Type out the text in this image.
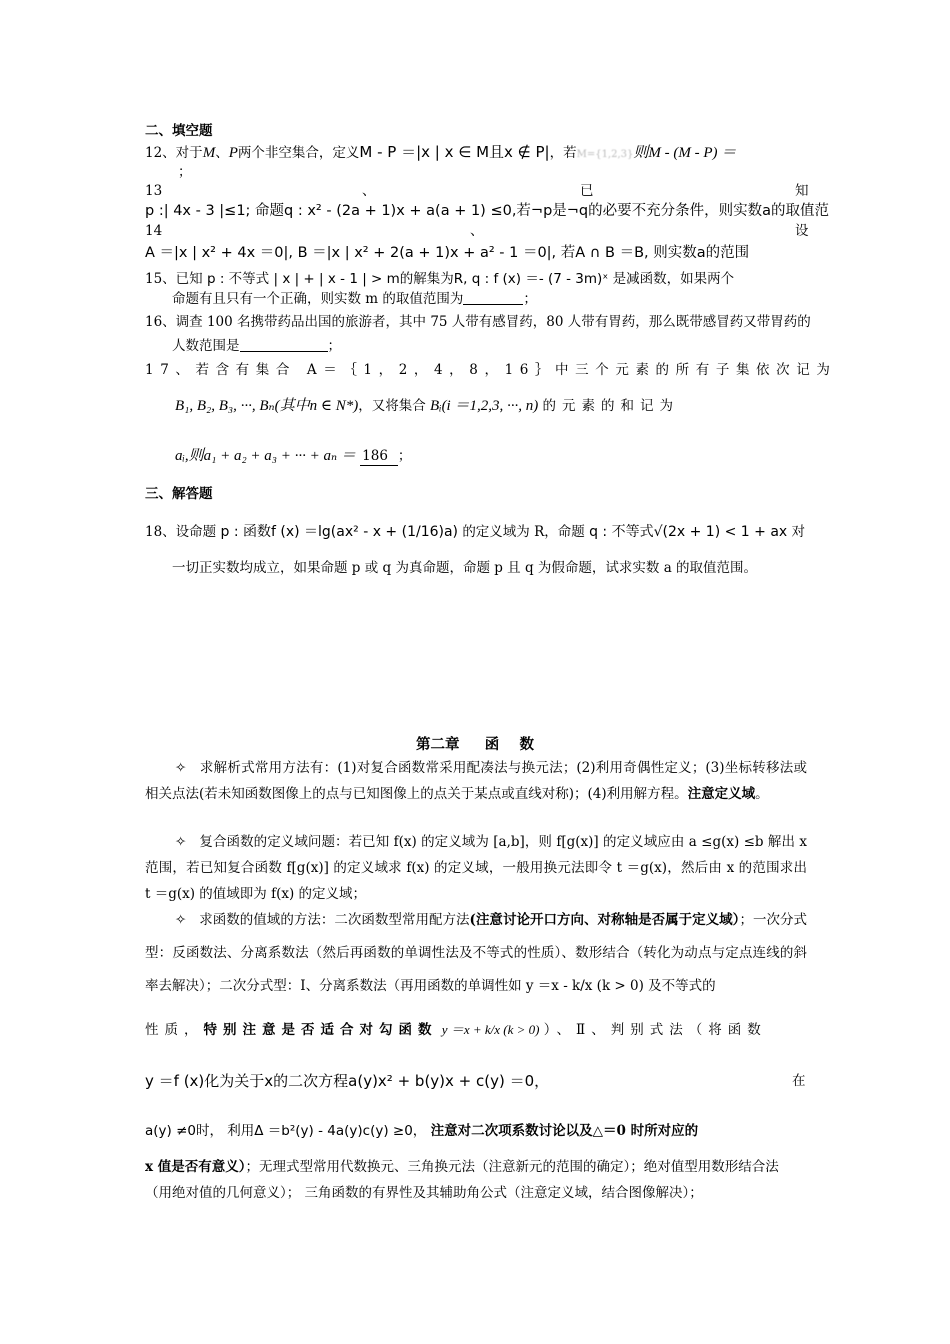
二、填空题
12、对于M、P两个非空集合，定义M - P ＝|x | x ∈ M且x ∉ P|，若M={1,2,3}则M - (M - P) ＝
；
13	、	已	知
p :| 4x - 3 |≤1; 命题q : x² - (2a + 1)x + a(a + 1) ≤0,若¬p是¬q的必要不充分条件，则实数a的取值范
14	、	设
A ＝|x | x² + 4x ＝0|, B ＝|x | x² + 2(a + 1)x + a² - 1 ＝0|, 若A ∩ B ＝B, 则实数a的范围
15、已知 p : 不等式 | x | + | x - 1 | > m的解集为R, q : f (x) ＝- (7 - 3m)ˣ 是减函数，如果两个
命题有且只有一个正确，则实数 m 的取值范围为	；
16、调查 100 名携带药品出国的旅游者，其中 75 人带有感冒药，80 人带有胃药，那么既带感冒药又带胃药的
人数范围是	；
17、若含有集合 A＝｛1，2，4，8，16｝中三个元素的所有子集依次记为
B₁, B₂, B₃, ···, Bₙ(其中n ∈ N*)，又将集合 Bᵢ(i ＝1,2,3, ···, n) 的元素的和记为
aᵢ,则a₁ + a₂ + a₃ + ··· + aₙ ＝ 186 ；
三、解答题
18、设命题 p : 函数f (x) ＝lg(ax² - x + (1/16)a) 的定义域为 R，命题 q : 不等式√(2x + 1) < 1 + ax 对
一切正实数均成立，如果命题 p 或 q 为真命题，命题 p 且 q 为假命题，试求实数 a 的取值范围。
第二章     函    数
✧ 求解析式常用方法有：(1)对复合函数常采用配凑法与换元法；(2)利用奇偶性定义；(3)坐标转移法或相关点法(若未知函数图像上的点与已知图像上的点关于某点或直线对称)；(4)利用解方程。注意定义域。
✧ 复合函数的定义域问题：若已知 f(x) 的定义域为 [a,b]，则 f[g(x)] 的定义域应由 a ≤g(x) ≤b 解出 x 范围，若已知复合函数 f[g(x)] 的定义域求 f(x) 的定义域，一般用换元法即令 t ＝g(x)，然后由 x 的范围求出 t ＝g(x) 的值域即为 f(x) 的定义域；
✧ 求函数的值域的方法：二次函数型常用配方法(注意讨论开口方向、对称轴是否属于定义域）；一次分式型：反函数法、分离系数法（然后再函数的单调性法及不等式的性质）、数形结合（转化为动点与定点连线的斜率去解决）；二次分式型：Ⅰ、分离系数法（再用函数的单调性如 y ＝x - k/x (k > 0) 及不等式的
性质，特别注意是否适合对勾函数 y ＝x + k/x (k > 0) ）、Ⅱ、判别式法（将函数
y ＝f (x)化为关于x的二次方程a(y)x² + b(y)x + c(y) ＝0，	在
a(y) ≠0时， 利用Δ ＝b²(y) - 4a(y)c(y) ≥0， 注意对二次项系数讨论以及△＝0 时所对应的
x 值是否有意义）；无理式型常用代数换元、三角换元法（注意新元的范围的确定）；绝对值型用数形结合法
（用绝对值的几何意义）； 三角函数的有界性及其辅助角公式（注意定义域，结合图像解决）；
